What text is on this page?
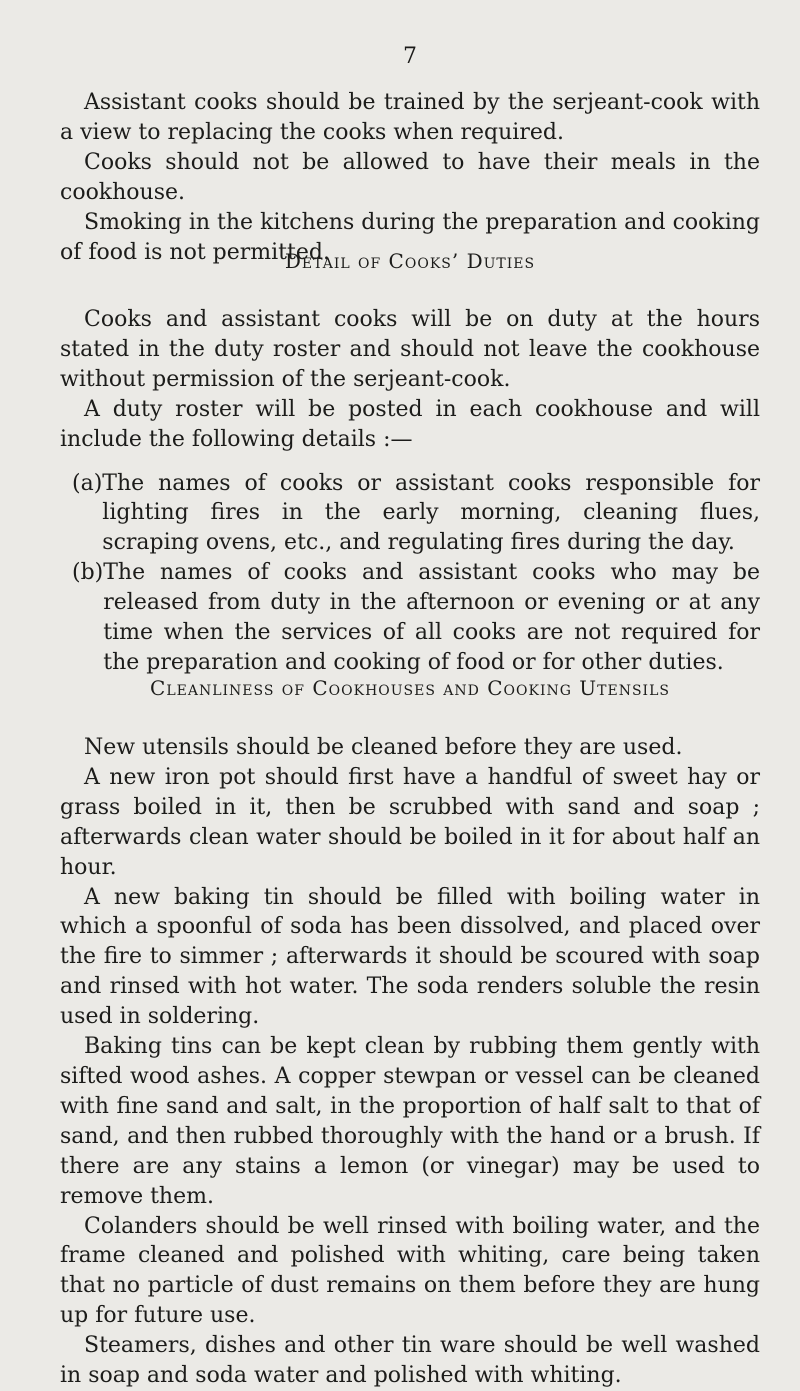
7

Assistant cooks should be trained by the serjeant-cook with a view to replacing the cooks when required.

Cooks should not be allowed to have their meals in the cookhouse.

Smoking in the kitchens during the preparation and cooking of food is not permitted.

Detail of Cooks’ Duties

Cooks and assistant cooks will be on duty at the hours stated in the duty roster and should not leave the cookhouse without permission of the serjeant-cook.

A duty roster will be posted in each cookhouse and will include the following details :—

(a) The names of cooks or assistant cooks responsible for lighting fires in the early morning, cleaning flues, scraping ovens, etc., and regulating fires during the day.
(b) The names of cooks and assistant cooks who may be released from duty in the afternoon or evening or at any time when the services of all cooks are not required for the preparation and cooking of food or for other duties.
Cleanliness of Cookhouses and Cooking Utensils

New utensils should be cleaned before they are used.

A new iron pot should first have a handful of sweet hay or grass boiled in it, then be scrubbed with sand and soap ; afterwards clean water should be boiled in it for about half an hour.

A new baking tin should be filled with boiling water in which a spoonful of soda has been dissolved, and placed over the fire to simmer ; afterwards it should be scoured with soap and rinsed with hot water. The soda renders soluble the resin used in soldering.

Baking tins can be kept clean by rubbing them gently with sifted wood ashes. A copper stewpan or vessel can be cleaned with fine sand and salt, in the proportion of half salt to that of sand, and then rubbed thoroughly with the hand or a brush. If there are any stains a lemon (or vinegar) may be used to remove them.

Colanders should be well rinsed with boiling water, and the frame cleaned and polished with whiting, care being taken that no particle of dust remains on them before they are hung up for future use.

Steamers, dishes and other tin ware should be well washed in soap and soda water and polished with whiting.
